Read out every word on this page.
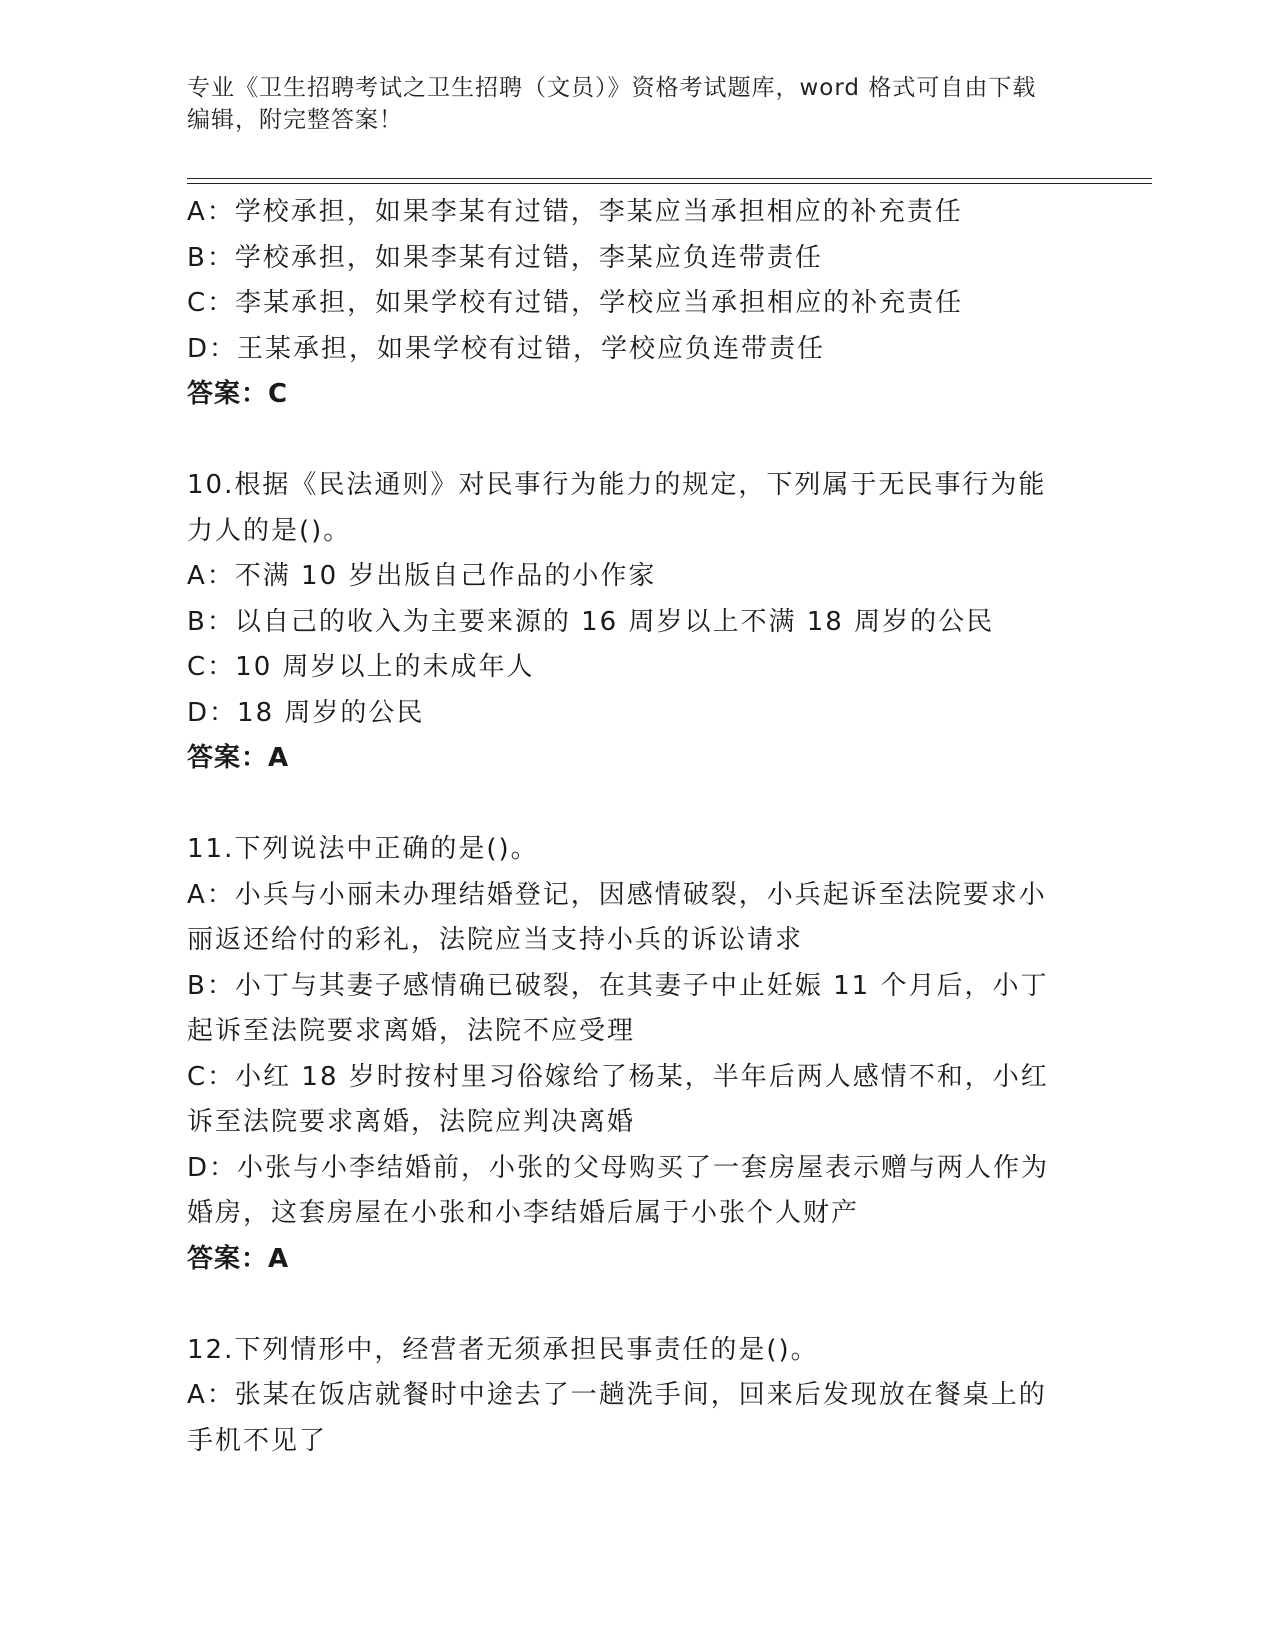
专业《卫生招聘考试之卫生招聘（文员）》资格考试题库，word 格式可自由下载
编辑，附完整答案！
A：学校承担，如果李某有过错，李某应当承担相应的补充责任
B：学校承担，如果李某有过错，李某应负连带责任
C：李某承担，如果学校有过错，学校应当承担相应的补充责任
D：王某承担，如果学校有过错，学校应负连带责任
答案：C
10.根据《民法通则》对民事行为能力的规定，下列属于无民事行为能
力人的是()。
A：不满 10 岁出版自己作品的小作家
B：以自己的收入为主要来源的 16 周岁以上不满 18 周岁的公民
C：10 周岁以上的未成年人
D：18 周岁的公民
答案：A
11.下列说法中正确的是()。
A：小兵与小丽未办理结婚登记，因感情破裂，小兵起诉至法院要求小
丽返还给付的彩礼，法院应当支持小兵的诉讼请求
B：小丁与其妻子感情确已破裂，在其妻子中止妊娠 11 个月后，小丁
起诉至法院要求离婚，法院不应受理
C：小红 18 岁时按村里习俗嫁给了杨某，半年后两人感情不和，小红
诉至法院要求离婚，法院应判决离婚
D：小张与小李结婚前，小张的父母购买了一套房屋表示赠与两人作为
婚房，这套房屋在小张和小李结婚后属于小张个人财产
答案：A
12.下列情形中，经营者无须承担民事责任的是()。
A：张某在饭店就餐时中途去了一趟洗手间，回来后发现放在餐桌上的
手机不见了
